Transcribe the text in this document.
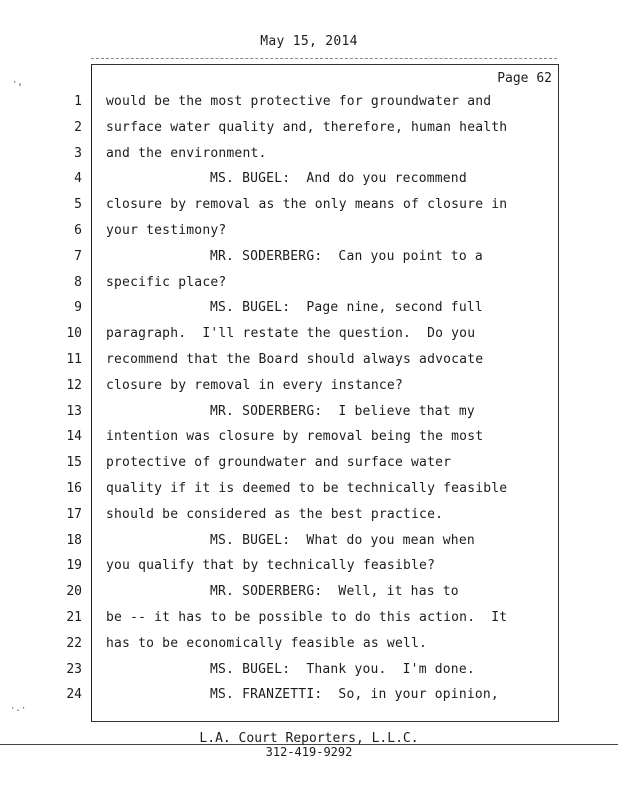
May 15, 2014
Page 62
1 would be the most protective for groundwater and
2 surface water quality and, therefore, human health
3 and the environment.
4	MS. BUGEL:  And do you recommend
5 closure by removal as the only means of closure in
6 your testimony?
7	MR. SODERBERG:  Can you point to a
8 specific place?
9	MS. BUGEL:  Page nine, second full
10 paragraph.  I'll restate the question.  Do you
11 recommend that the Board should always advocate
12 closure by removal in every instance?
13	MR. SODERBERG:  I believe that my
14 intention was closure by removal being the most
15 protective of groundwater and surface water
16 quality if it is deemed to be technically feasible
17 should be considered as the best practice.
18	MS. BUGEL:  What do you mean when
19 you qualify that by technically feasible?
20	MR. SODERBERG:  Well, it has to
21 be -- it has to be possible to do this action.  It
22 has to be economically feasible as well.
23	MS. BUGEL:  Thank you.  I'm done.
24	MS. FRANZETTI:  So, in your opinion,
L.A. Court Reporters, L.L.C.
312-419-9292
·,
·.·
